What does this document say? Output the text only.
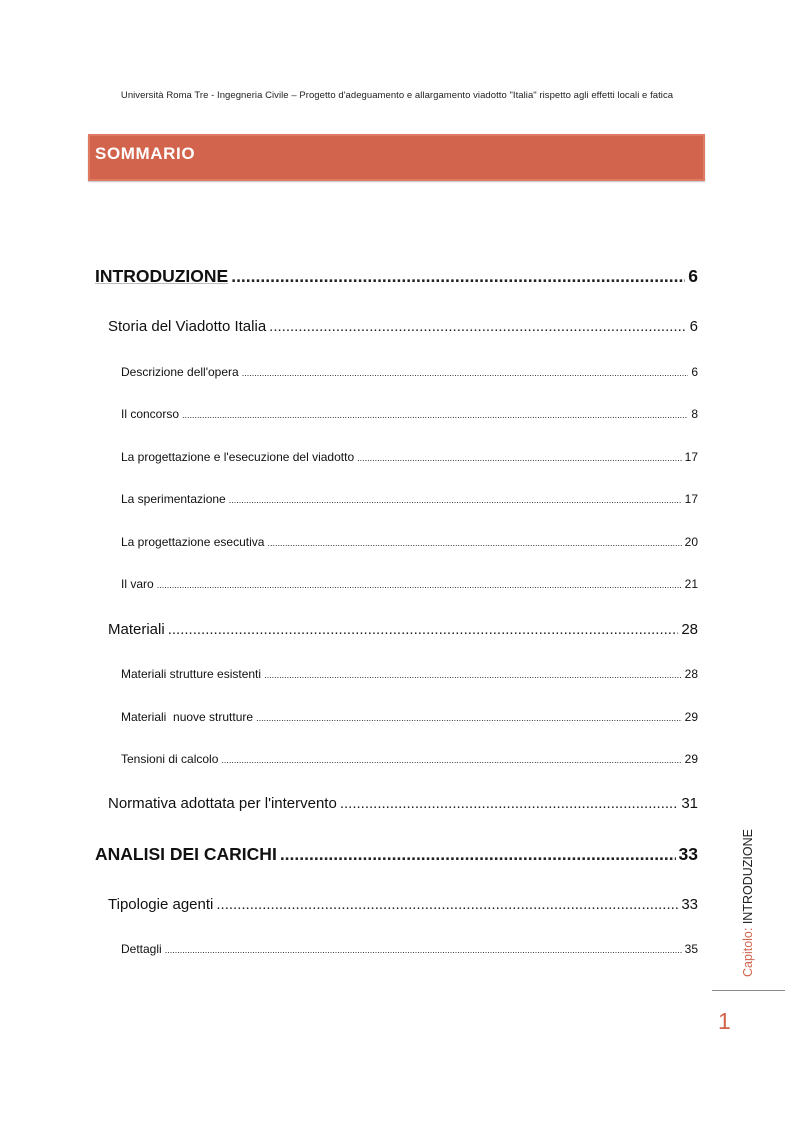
Università Roma Tre - Ingegneria Civile – Progetto d'adeguamento e allargamento viadotto "Italia" rispetto agli effetti locali e fatica
SOMMARIO
INTRODUZIONE .....	6
Storia del Viadotto Italia .....	6
Descrizione dell'opera .....	6
Il concorso .....	8
La progettazione e l'esecuzione del viadotto .....	17
La sperimentazione .....	17
La progettazione esecutiva .....	20
Il varo .....	21
Materiali .....	28
Materiali strutture esistenti .....	28
Materiali  nuove strutture .....	29
Tensioni di calcolo .....	29
Normativa adottata per l'intervento .....	31
ANALISI DEI CARICHI .....	33
Tipologie agenti .....	33
Dettagli .....	35	Capitolo: INTRODUZIONE
1
